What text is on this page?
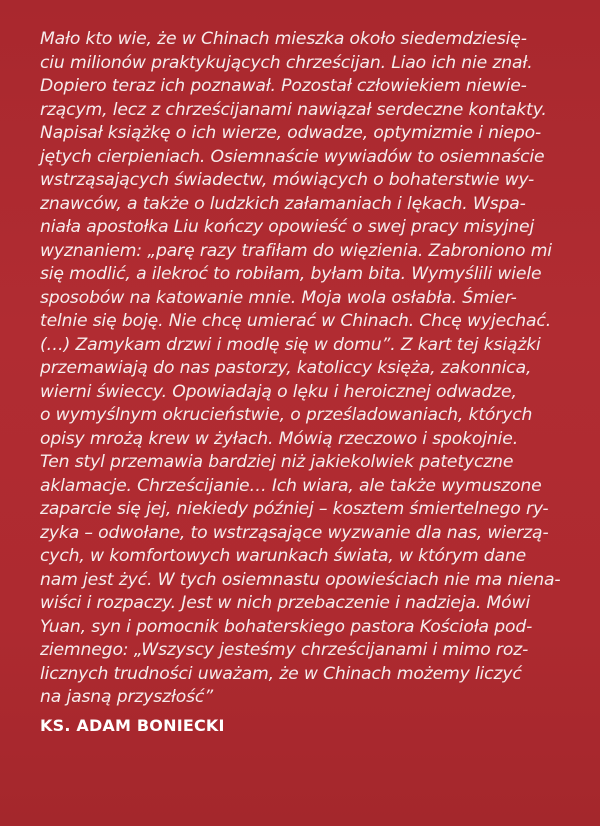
Mało kto wie, że w Chinach mieszka około siedemdziesię-
ciu milionów praktykujących chrześcijan. Liao ich nie znał.
Dopiero teraz ich poznawał. Pozostał człowiekiem niewie-
rzącym, lecz z chrześcijanami nawiązał serdeczne kontakty.
Napisał książkę o ich wierze, odwadze, optymizmie i niepo-
jętych cierpieniach. Osiemnaście wywiadów to osiemnaście
wstrząsających świadectw, mówiących o bohaterstwie wy-
znawców, a także o ludzkich załamaniach i lękach. Wspa-
niała apostołka Liu kończy opowieść o swej pracy misyjnej
wyznaniem: „parę razy trafiłam do więzienia. Zabroniono mi
się modlić, a ilekroć to robiłam, byłam bita. Wymyślili wiele
sposobów na katowanie mnie. Moja wola osłabła. Śmier-
telnie się boję. Nie chcę umierać w Chinach. Chcę wyjechać.
(…) Zamykam drzwi i modlę się w domu”. Z kart tej książki
przemawiają do nas pastorzy, katoliccy księża, zakonnica,
wierni świeccy. Opowiadają o lęku i heroicznej odwadze,
o wymyślnym okrucieństwie, o prześladowaniach, których
opisy mrożą krew w żyłach. Mówią rzeczowo i spokojnie.
Ten styl przemawia bardziej niż jakiekolwiek patetyczne
aklamacje. Chrześcijanie… Ich wiara, ale także wymuszone
zaparcie się jej, niekiedy później – kosztem śmiertelnego ry-
zyka – odwołane, to wstrząsające wyzwanie dla nas, wierzą-
cych, w komfortowych warunkach świata, w którym dane
nam jest żyć. W tych osiemnastu opowieściach nie ma niena-
wiści i rozpaczy. Jest w nich przebaczenie i nadzieja. Mówi
Yuan, syn i pomocnik bohaterskiego pastora Kościoła pod-
ziemnego: „Wszyscy jesteśmy chrześcijanami i mimo roz-
licznych trudności uważam, że w Chinach możemy liczyć
na jasną przyszłość”

KS. ADAM BONIECKI
